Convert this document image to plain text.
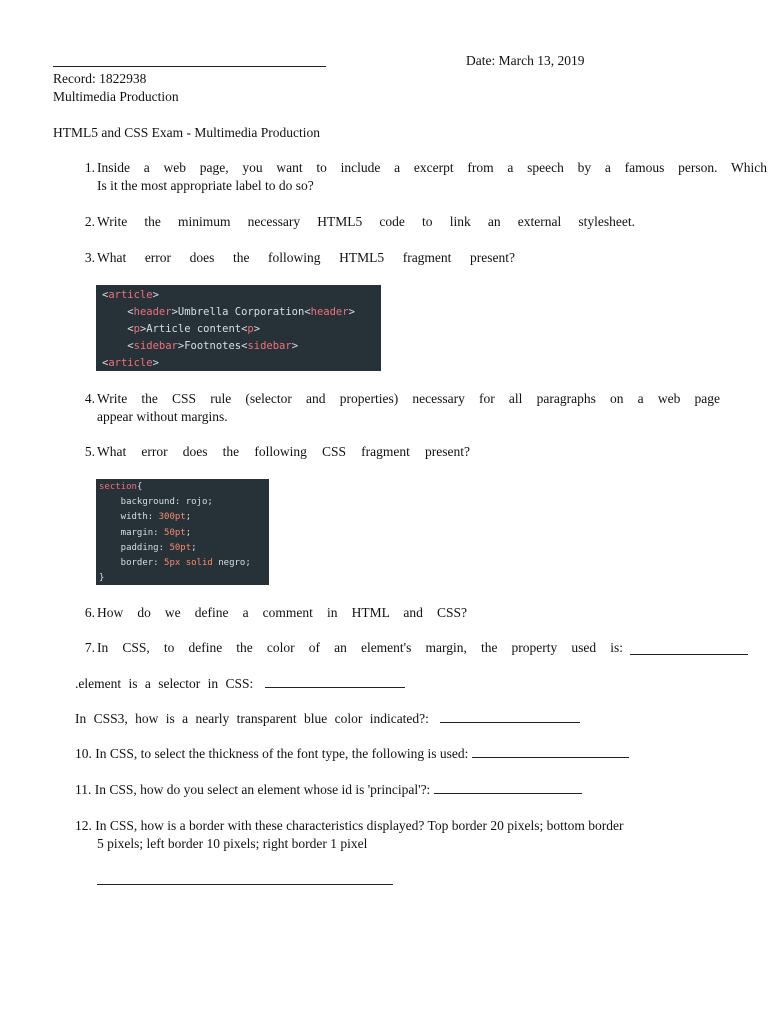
Date: March 13, 2019
Record: 1822938
Multimedia Production
HTML5 and CSS Exam - Multimedia Production
1. Inside a web page, you want to include a excerpt from a speech by a famous person. Which
Is it the most appropriate label to do so?
2. Write the minimum necessary HTML5 code to link an external stylesheet.
3. What error does the following HTML5 fragment present?
<article>
<header>Umbrella Corporation<header>
<p>Article content<p>
<sidebar>Footnotes<sidebar>
<article>
4. Write the CSS rule (selector and properties) necessary for all paragraphs on a web page
appear without margins.
5. What error does the following CSS fragment present?
section{
background: rojo;
width: 300pt;
margin: 50pt;
padding: 50pt;
border: 5px solid negro;
}
6. How do we define a comment in HTML and CSS?
7. In CSS, to define the color of an element's margin, the property used is:
.element is a selector in CSS:
In CSS3, how is a nearly transparent blue color indicated?:
10. In CSS, to select the thickness of the font type, the following is used:
11. In CSS, how do you select an element whose id is 'principal'?:
12. In CSS, how is a border with these characteristics displayed? Top border 20 pixels; bottom border
5 pixels; left border 10 pixels; right border 1 pixel
